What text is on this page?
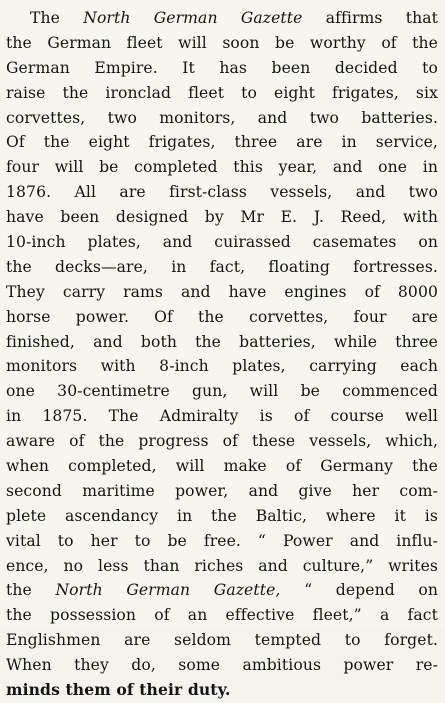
The North German Gazette affirms that
the German fleet will soon be worthy of the
German Empire. It has been decided to
raise the ironclad fleet to eight frigates, six
corvettes, two monitors, and two batteries.
Of the eight frigates, three are in service,
four will be completed this year, and one in
1876. All are first-class vessels, and two
have been designed by Mr E. J. Reed, with
10-inch plates, and cuirassed casemates on
the decks—are, in fact, floating fortresses.
They carry rams and have engines of 8000
horse power. Of the corvettes, four are
finished, and both the batteries, while three
monitors with 8-inch plates, carrying each
one 30-centimetre gun, will be commenced
in 1875. The Admiralty is of course well
aware of the progress of these vessels, which,
when completed, will make of Germany the
second maritime power, and give her com-
plete ascendancy in the Baltic, where it is
vital to her to be free. “ Power and influ-
ence, no less than riches and culture,” writes
the North German Gazette, “ depend on
the possession of an effective fleet,” a fact
Englishmen are seldom tempted to forget.
When they do, some ambitious power re-
minds them of their duty.
